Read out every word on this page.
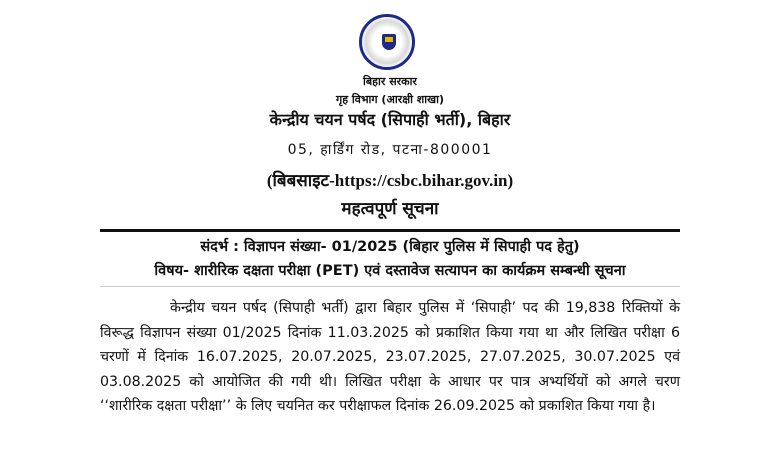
बिहार सरकार
गृह विभाग (आरक्षी शाखा)
केन्द्रीय चयन पर्षद (सिपाही भर्ती), बिहार
05, हार्डिंग रोड, पटना-800001
(बिबसाइट-https://csbc.bihar.gov.in)
महत्वपूर्ण सूचना
संदर्भ : विज्ञापन संख्या- 01/2025 (बिहार पुलिस में सिपाही पद हेतु)
विषय- शारीरिक दक्षता परीक्षा (PET) एवं दस्तावेज सत्यापन का कार्यक्रम सम्बन्धी सूचना

केन्द्रीय चयन पर्षद (सिपाही भर्ती) द्वारा बिहार पुलिस में ‘सिपाही’ पद की 19,838 रिक्तियों के विरूद्ध विज्ञापन संख्या 01/2025 दिनांक 11.03.2025 को प्रकाशित किया गया था और लिखित परीक्षा 6 चरणों में दिनांक 16.07.2025, 20.07.2025, 23.07.2025, 27.07.2025, 30.07.2025 एवं 03.08.2025 को आयोजित की गयी थी। लिखित परीक्षा के आधार पर पात्र अभ्यर्थियों को अगले चरण ‘‘शारीरिक दक्षता परीक्षा’’ के लिए चयनित कर परीक्षाफल दिनांक 26.09.2025 को प्रकाशित किया गया है।
